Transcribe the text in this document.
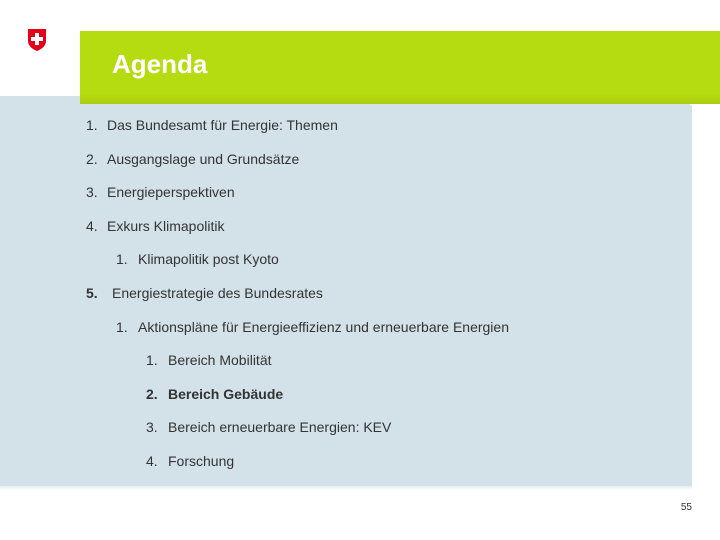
Agenda
1. Das Bundesamt für Energie: Themen
2. Ausgangslage und Grundsätze
3. Energieperspektiven
4. Exkurs Klimapolitik
1. Klimapolitik post Kyoto
5. Energiestrategie des Bundesrates
1. Aktionspläne für Energieeffizienz und erneuerbare Energien
1. Bereich Mobilität
2. Bereich Gebäude
3. Bereich erneuerbare Energien: KEV
4. Forschung
55
